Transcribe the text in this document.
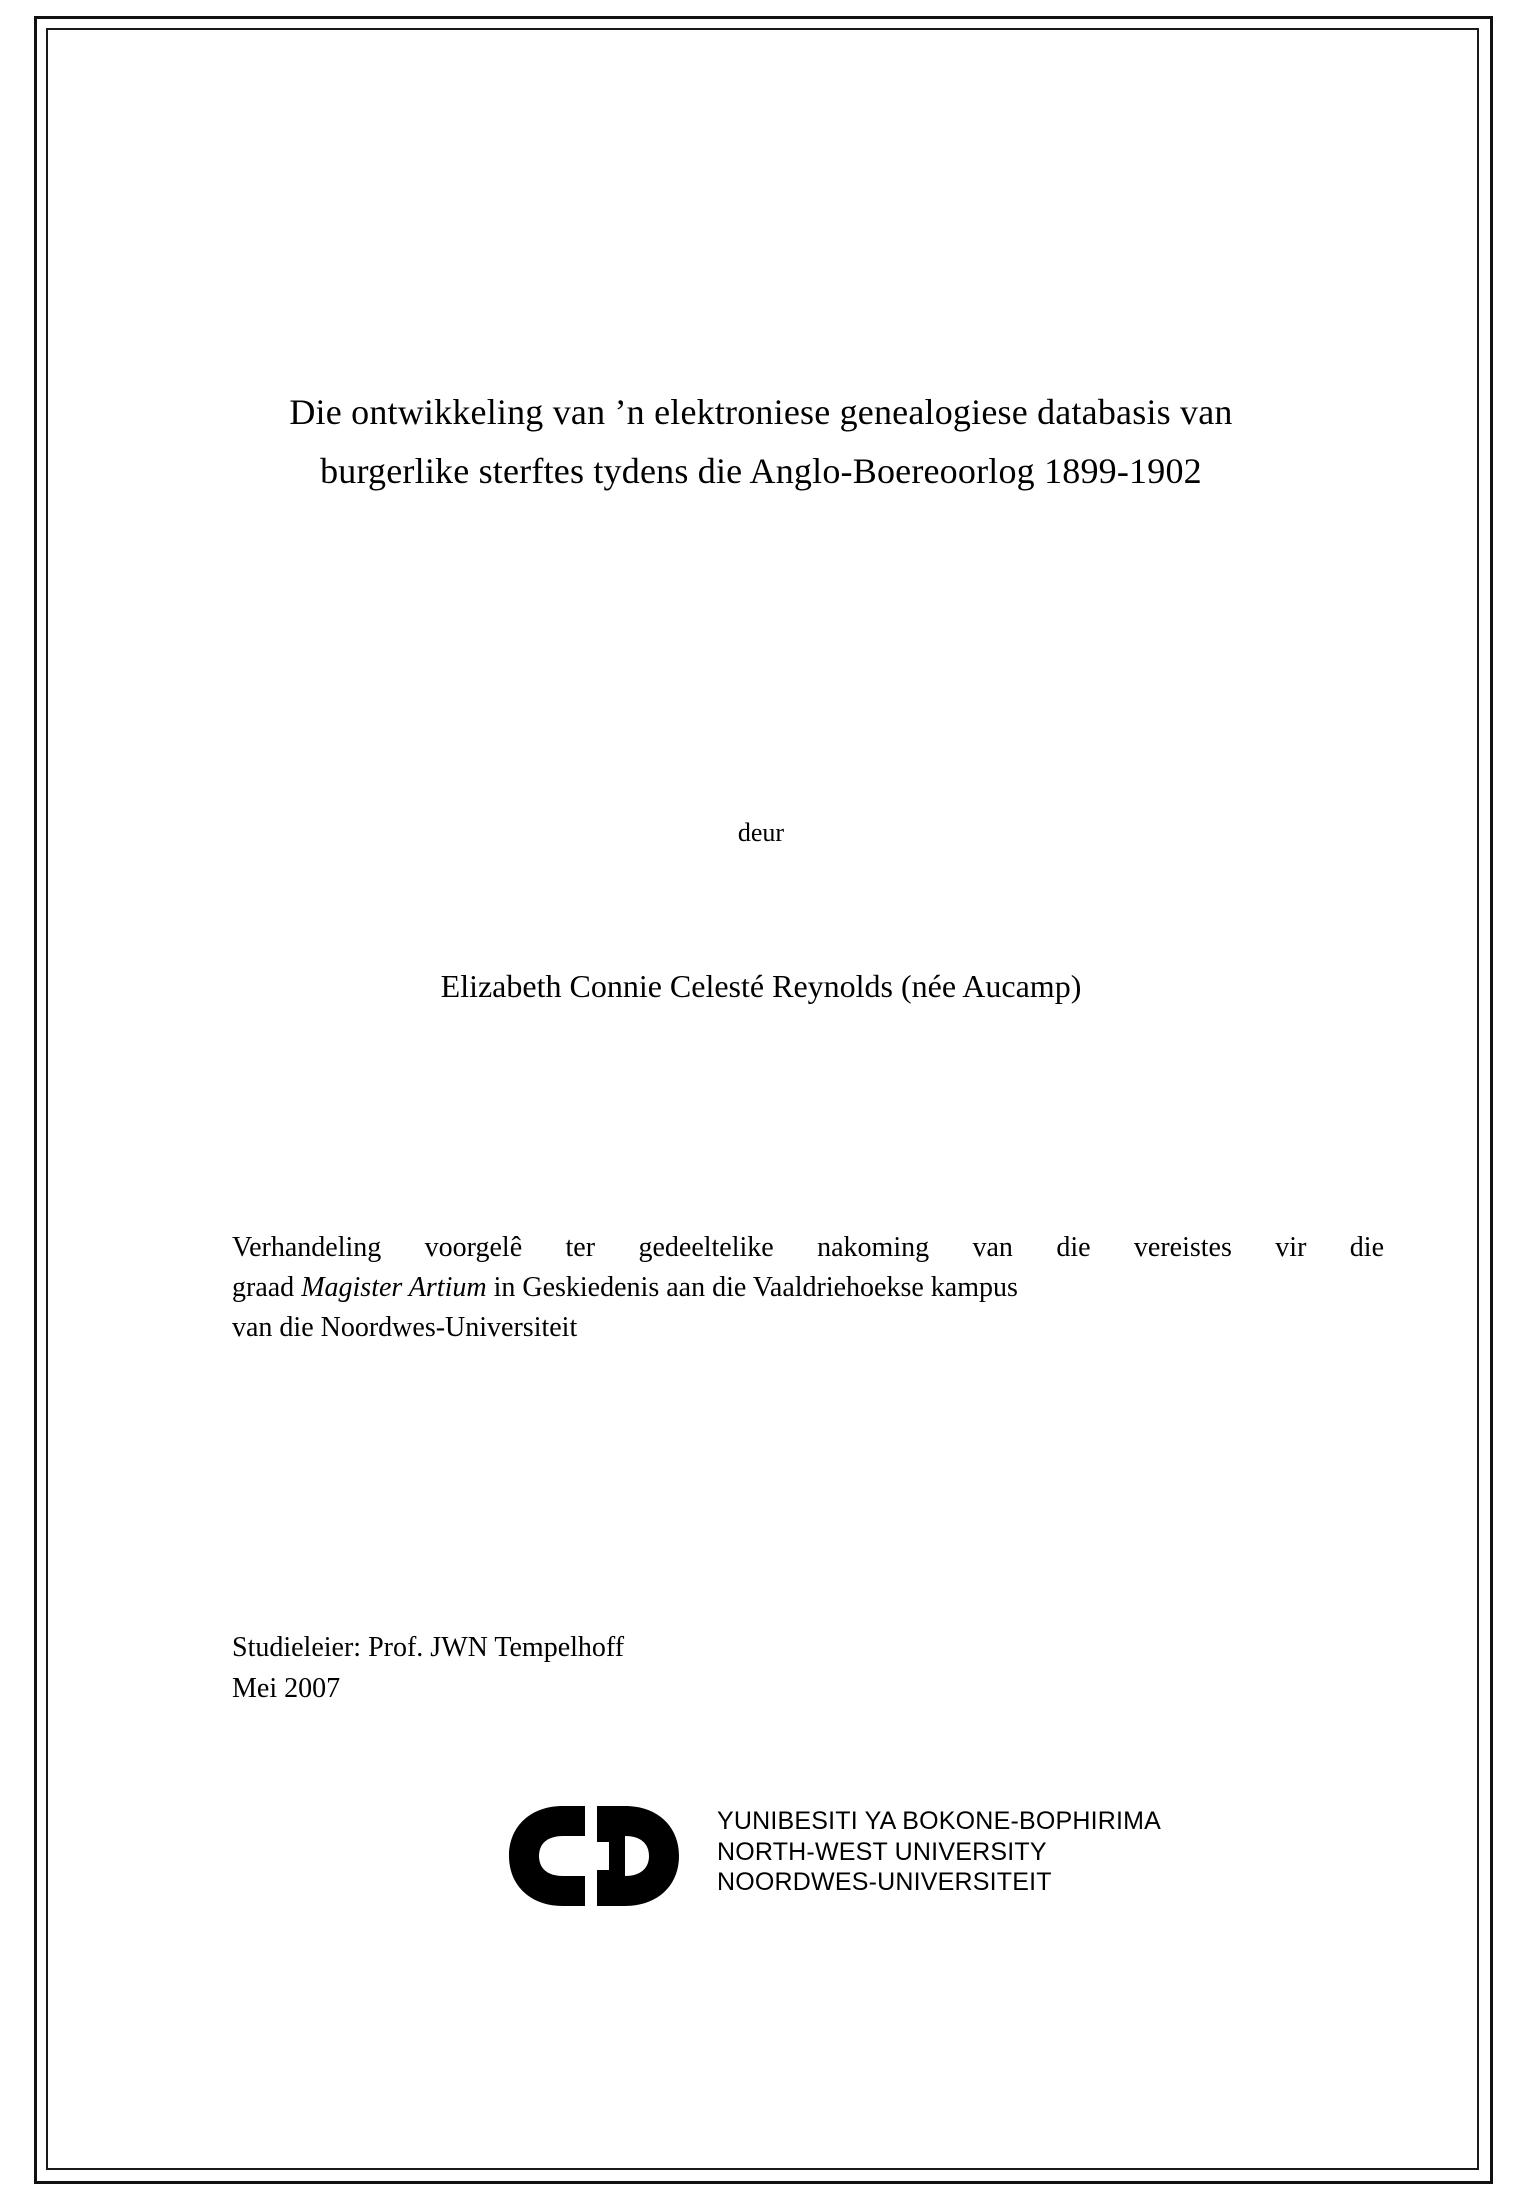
Die ontwikkeling van ’n elektroniese genealogiese databasis van
burgerlike sterftes tydens die Anglo-Boereoorlog 1899-1902
deur
Elizabeth Connie Celesté Reynolds (née Aucamp)

Verhandeling voorgelê ter gedeeltelike nakoming van die vereistes vir die

graad Magister Artium in Geskiedenis aan die Vaaldriehoekse kampus

van die Noordwes-Universiteit

Studieleier: Prof. JWN Tempelhoff
Mei 2007
YUNIBESITI YA BOKONE-BOPHIRIMA
NORTH-WEST UNIVERSITY
NOORDWES-UNIVERSITEIT
